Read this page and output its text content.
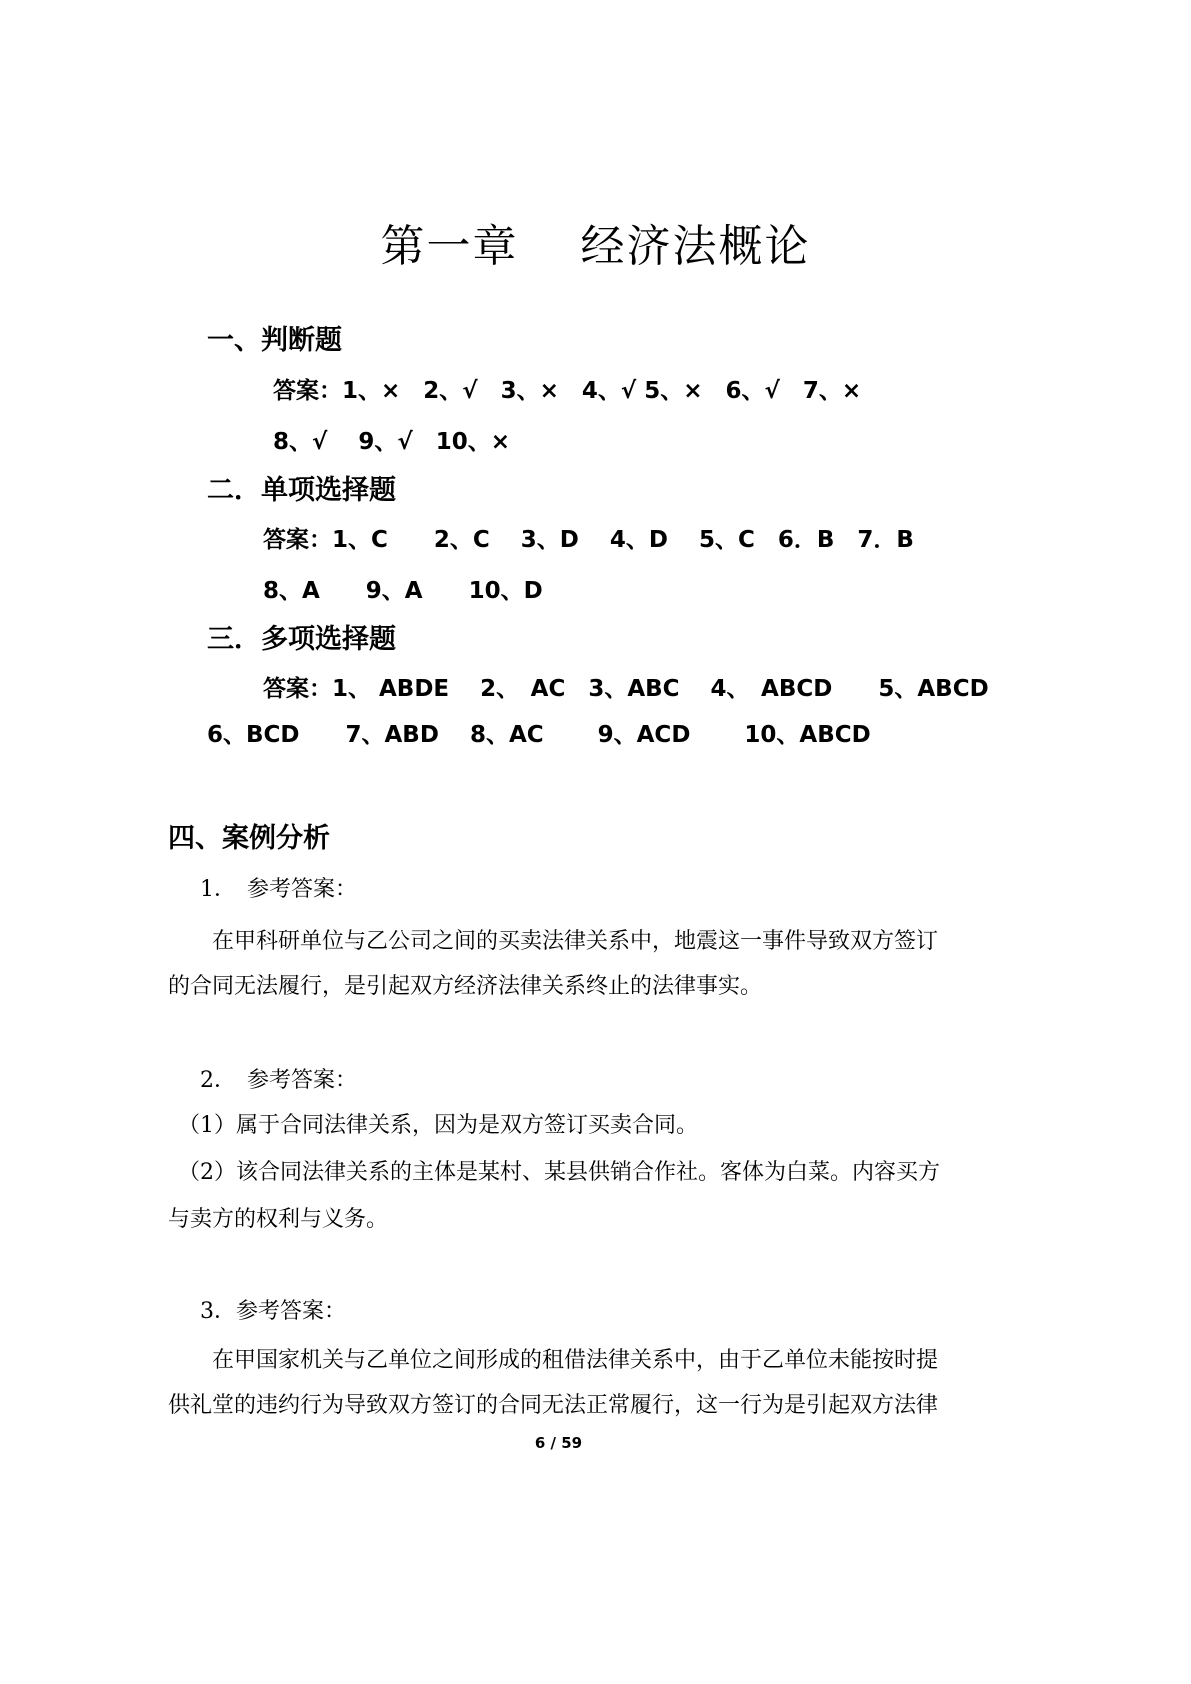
第一章　 经济法概论
一、判断题
答案：1、×　2、√　3、×　4、√ 5、×　6、√　7、×
8、√　 9、√　10、×
二．单项选择题
答案：1、C　　2、C　 3、D　 4、D　 5、C　6．B　7．B
8、A　　9、A　　10、D
三．多项选择题
答案：1、 ABDE　 2、　AC　3、ABC　 4、　ABCD　　5、ABCD
6、BCD　　7、ABD　 8、AC　　 9、ACD　　 10、ABCD
四、案例分析
1．　参考答案：
在甲科研单位与乙公司之间的买卖法律关系中，地震这一事件导致双方签订
的合同无法履行，是引起双方经济法律关系终止的法律事实。
2．　参考答案：
（1）属于合同法律关系，因为是双方签订买卖合同。
（2）该合同法律关系的主体是某村、某县供销合作社。客体为白菜。内容买方
与卖方的权利与义务。
3．参考答案：
在甲国家机关与乙单位之间形成的租借法律关系中，由于乙单位未能按时提
供礼堂的违约行为导致双方签订的合同无法正常履行，这一行为是引起双方法律
6 / 59
